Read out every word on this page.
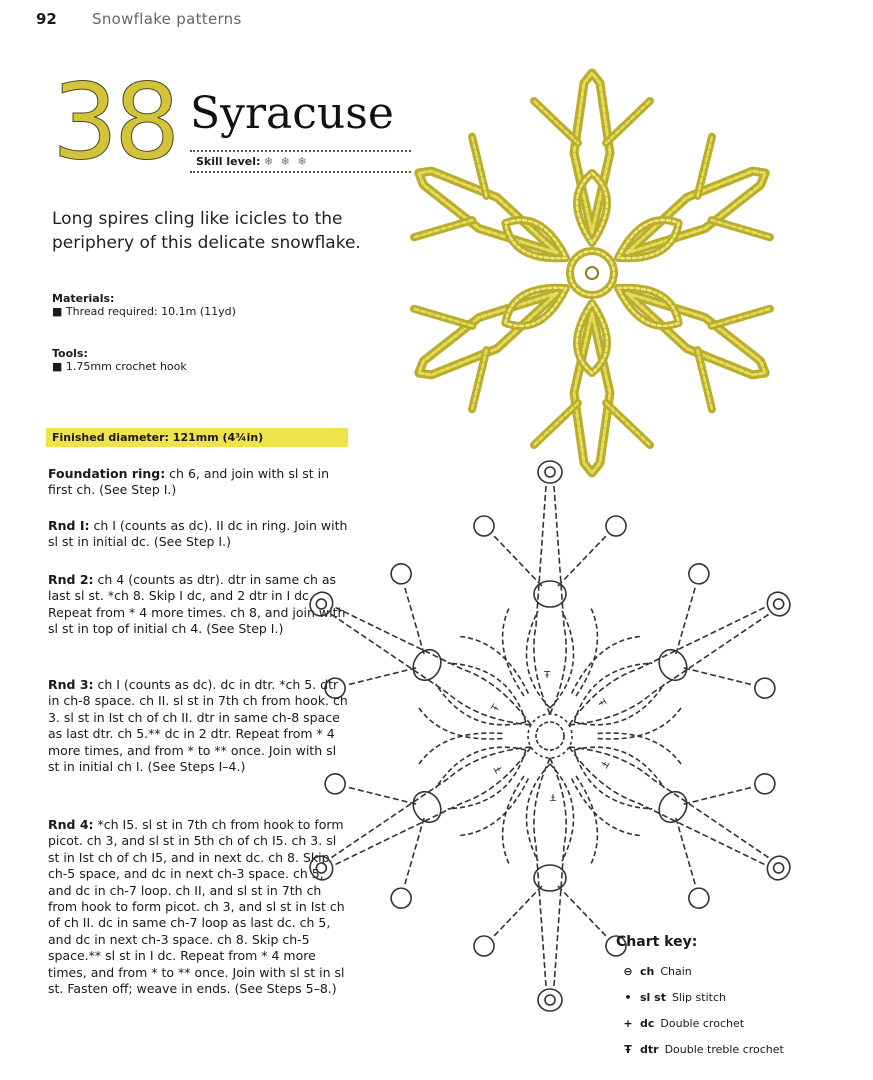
92 Snowflake patterns
38 Syracuse
Skill level: ❄ ❄ ❄
Long spires cling like icicles to the periphery of this delicate snowflake.
Materials:
■ Thread required: 10.1m (11yd)
Tools:
■ 1.75mm crochet hook
Finished diameter: 121mm (4¾in)
Foundation ring: ch 6, and join with sl st in first ch. (See Step I.)
Rnd I: ch I (counts as dc). II dc in ring. Join with sl st in initial dc. (See Step I.)
Rnd 2: ch 4 (counts as dtr). dtr in same ch as last sl st. *ch 8. Skip I dc, and 2 dtr in I dc. Repeat from * 4 more times. ch 8, and join with sl st in top of initial ch 4. (See Step I.)
Rnd 3: ch I (counts as dc). dc in dtr. *ch 5. dtr in ch-8 space. ch II. sl st in 7th ch from hook. ch 3. sl st in Ist ch of ch II. dtr in same ch-8 space as last dtr. ch 5.** dc in 2 dtr. Repeat from * 4 more times, and from * to ** once. Join with sl st in initial ch I. (See Steps I–4.)
Rnd 4: *ch I5. sl st in 7th ch from hook to form picot. ch 3, and sl st in 5th ch of ch I5. ch 3. sl st in Ist ch of ch I5, and in next dc. ch 8. Skip ch-5 space, and dc in next ch-3 space. ch 5, and dc in ch-7 loop. ch II, and sl st in 7th ch from hook to form picot. ch 3, and sl st in Ist ch of ch II. dc in same ch-7 loop as last dc. ch 5, and dc in next ch-3 space. ch 8. Skip ch-5 space.** sl st in I dc. Repeat from * 4 more times, and from * to ** once. Join with sl st in sl st. Fasten off; weave in ends. (See Steps 5–8.)
Ŧ
Chart key:
⊖ ch Chain
• sl st Slip stitch
+ dc Double crochet
Ŧ dtr Double treble crochet
